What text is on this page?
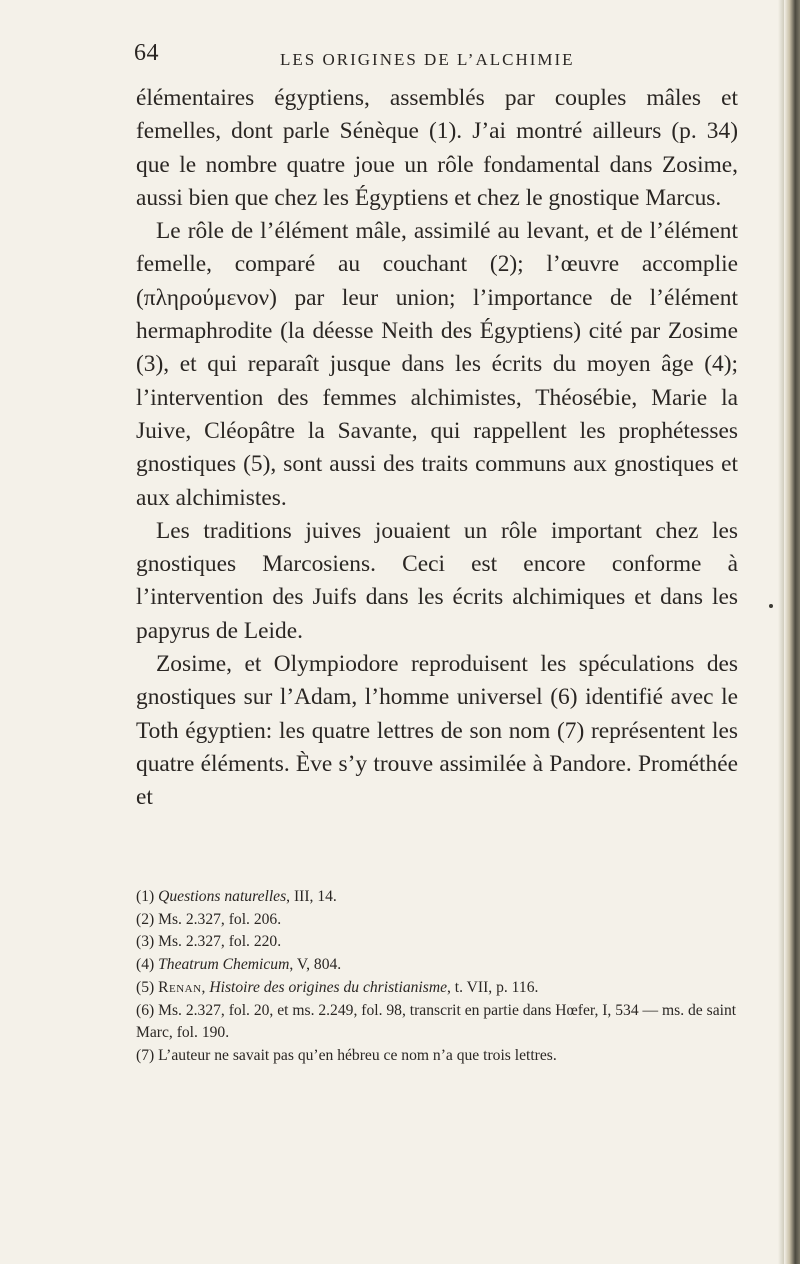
64	LES ORIGINES DE L’ALCHIMIE

élémentaires égyptiens, assemblés par couples mâles et femelles, dont parle Sénèque (1). J’ai montré ailleurs (p. 34) que le nombre quatre joue un rôle fondamental dans Zosime, aussi bien que chez les Égyptiens et chez le gnostique Marcus.

Le rôle de l’élément mâle, assimilé au levant, et de l’élément femelle, comparé au couchant (2); l’œuvre accomplie (πληρούμενον) par leur union; l’importance de l’élément hermaphrodite (la déesse Neith des Égyptiens) cité par Zosime (3), et qui reparaît jusque dans les écrits du moyen âge (4); l’intervention des femmes alchimistes, Théosébie, Marie la Juive, Cléopâtre la Savante, qui rappellent les prophétesses gnostiques (5), sont aussi des traits communs aux gnostiques et aux alchimistes.

Les traditions juives jouaient un rôle important chez les gnostiques Marcosiens. Ceci est encore conforme à l’intervention des Juifs dans les écrits alchimiques et dans les papyrus de Leide.

Zosime, et Olympiodore reproduisent les spéculations des gnostiques sur l’Adam, l’homme universel (6) identifié avec le Toth égyptien: les quatre lettres de son nom (7) représentent les quatre éléments. Ève s’y trouve assimilée à Pandore. Prométhée et

(1) Questions naturelles, III, 14.

(2) Ms. 2.327, fol. 206.

(3) Ms. 2.327, fol. 220.

(4) Theatrum Chemicum, V, 804.

(5) Renan, Histoire des origines du christianisme, t. VII, p. 116.

(6) Ms. 2.327, fol. 20, et ms. 2.249, fol. 98, transcrit en partie dans Hœfer, I, 534 — ms. de saint Marc, fol. 190.

(7) L’auteur ne savait pas qu’en hébreu ce nom n’a que trois lettres.
